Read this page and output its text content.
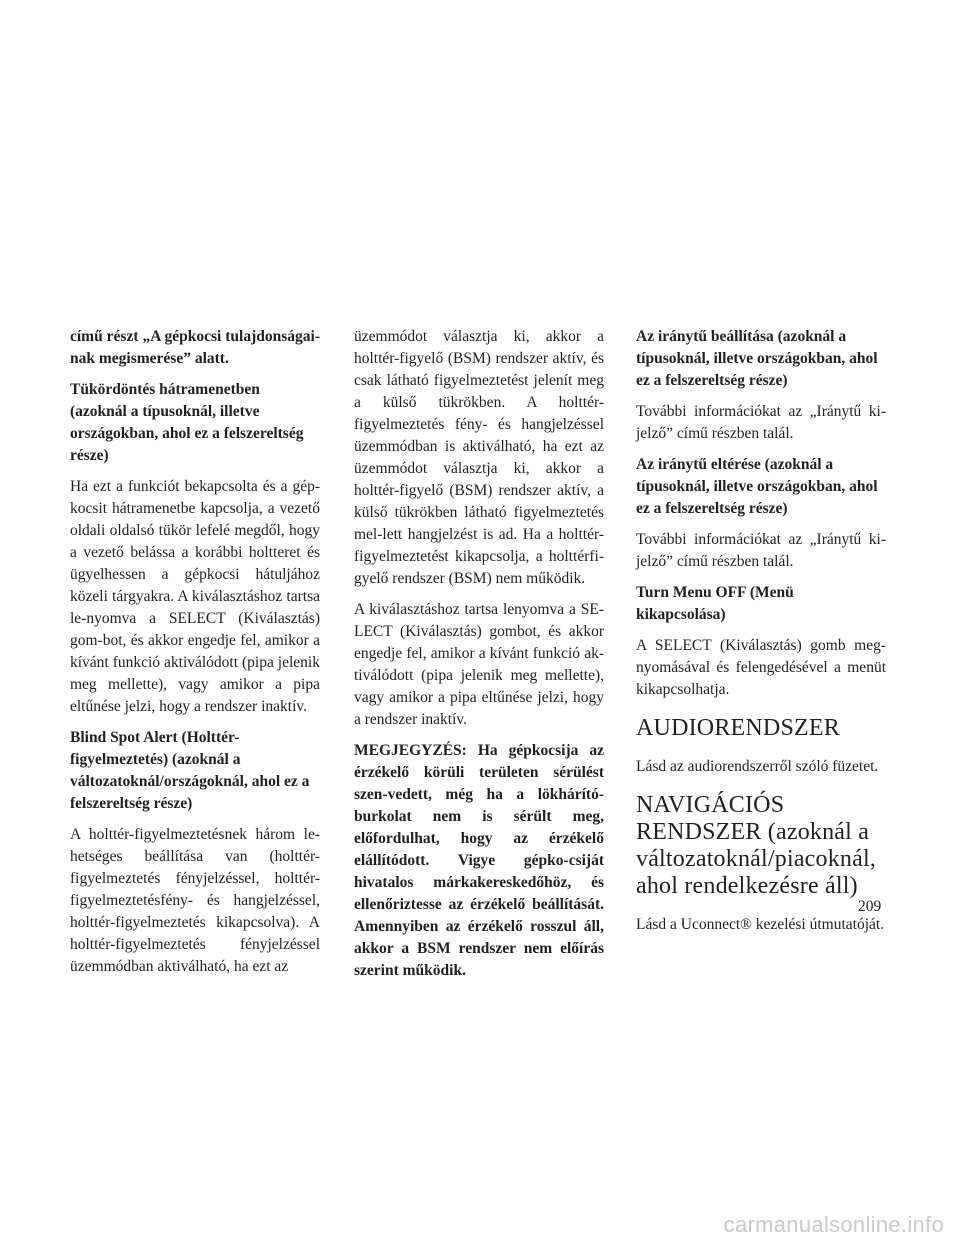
című részt „A gépkocsi tulajdonságai-nak megismerése” alatt.

Tükördöntés hátramenetben (azoknál a típusoknál, illetve országokban, ahol ez a felszereltség része)

Ha ezt a funkciót bekapcsolta és a gép-kocsit hátramenetbe kapcsolja, a vezető oldali oldalsó tükör lefelé megdől, hogy a vezető belássa a korábbi holtteret és ügyelhessen a gépkocsi hátuljához közeli tárgyakra. A kiválasztáshoz tartsa le-nyomva a SELECT (Kiválasztás) gom-bot, és akkor engedje fel, amikor a kívánt funkció aktiválódott (pipa jelenik meg mellette), vagy amikor a pipa eltűnése jelzi, hogy a rendszer inaktív.

Blind Spot Alert (Holttér-figyelmeztetés) (azoknál a változatoknál/országoknál, ahol ez a felszereltség része)

A holttér-figyelmeztetésnek három le-hetséges beállítása van (holttér-figyelmeztetés fényjelzéssel, holttér-figyelmeztetésfény- és hangjelzéssel, holttér-figyelmeztetés kikapcsolva). A holttér-figyelmeztetés fényjelzéssel üzemmódban aktiválható, ha ezt az

üzemmódot választja ki, akkor a holttér-figyelő (BSM) rendszer aktív, és csak látható figyelmeztetést jelenít meg a külső tükrökben. A holttér-figyelmeztetés fény- és hangjelzéssel üzemmódban is aktiválható, ha ezt az üzemmódot választja ki, akkor a holttér-figyelő (BSM) rendszer aktív, a külső tükrökben látható figyelmeztetés mel-lett hangjelzést is ad. Ha a holttér-figyelmeztetést kikapcsolja, a holttérfi-gyelő rendszer (BSM) nem működik.

A kiválasztáshoz tartsa lenyomva a SE-LECT (Kiválasztás) gombot, és akkor engedje fel, amikor a kívánt funkció ak-tiválódott (pipa jelenik meg mellette), vagy amikor a pipa eltűnése jelzi, hogy a rendszer inaktív.

MEGJEGYZÉS: Ha gépkocsija az érzékelő körüli területen sérülést szen-vedett, még ha a lökhárító-burkolat nem is sérült meg, előfordulhat, hogy az érzékelő elállítódott. Vigye gépko-csiját hivatalos márkakereskedőhöz, és ellenőriztesse az érzékelő beállítását. Amennyiben az érzékelő rosszul áll, akkor a BSM rendszer nem előírás szerint működik.

Az iránytű beállítása (azoknál a típusoknál, illetve országokban, ahol ez a felszereltség része)

További információkat az „Iránytű ki-jelző” című részben talál.

Az iránytű eltérése (azoknál a típusoknál, illetve országokban, ahol ez a felszereltség része)

További információkat az „Iránytű ki-jelző” című részben talál.

Turn Menu OFF (Menü kikapcsolása)

A SELECT (Kiválasztás) gomb meg-nyomásával és felengedésével a menüt kikapcsolhatja.

AUDIORENDSZER

Lásd az audiorendszerről szóló füzetet.

NAVIGÁCIÓS RENDSZER (azoknál a változatoknál/piacoknál, ahol rendelkezésre áll)

Lásd a Uconnect® kezelési útmutatóját.

209
carmanualsonline.info
